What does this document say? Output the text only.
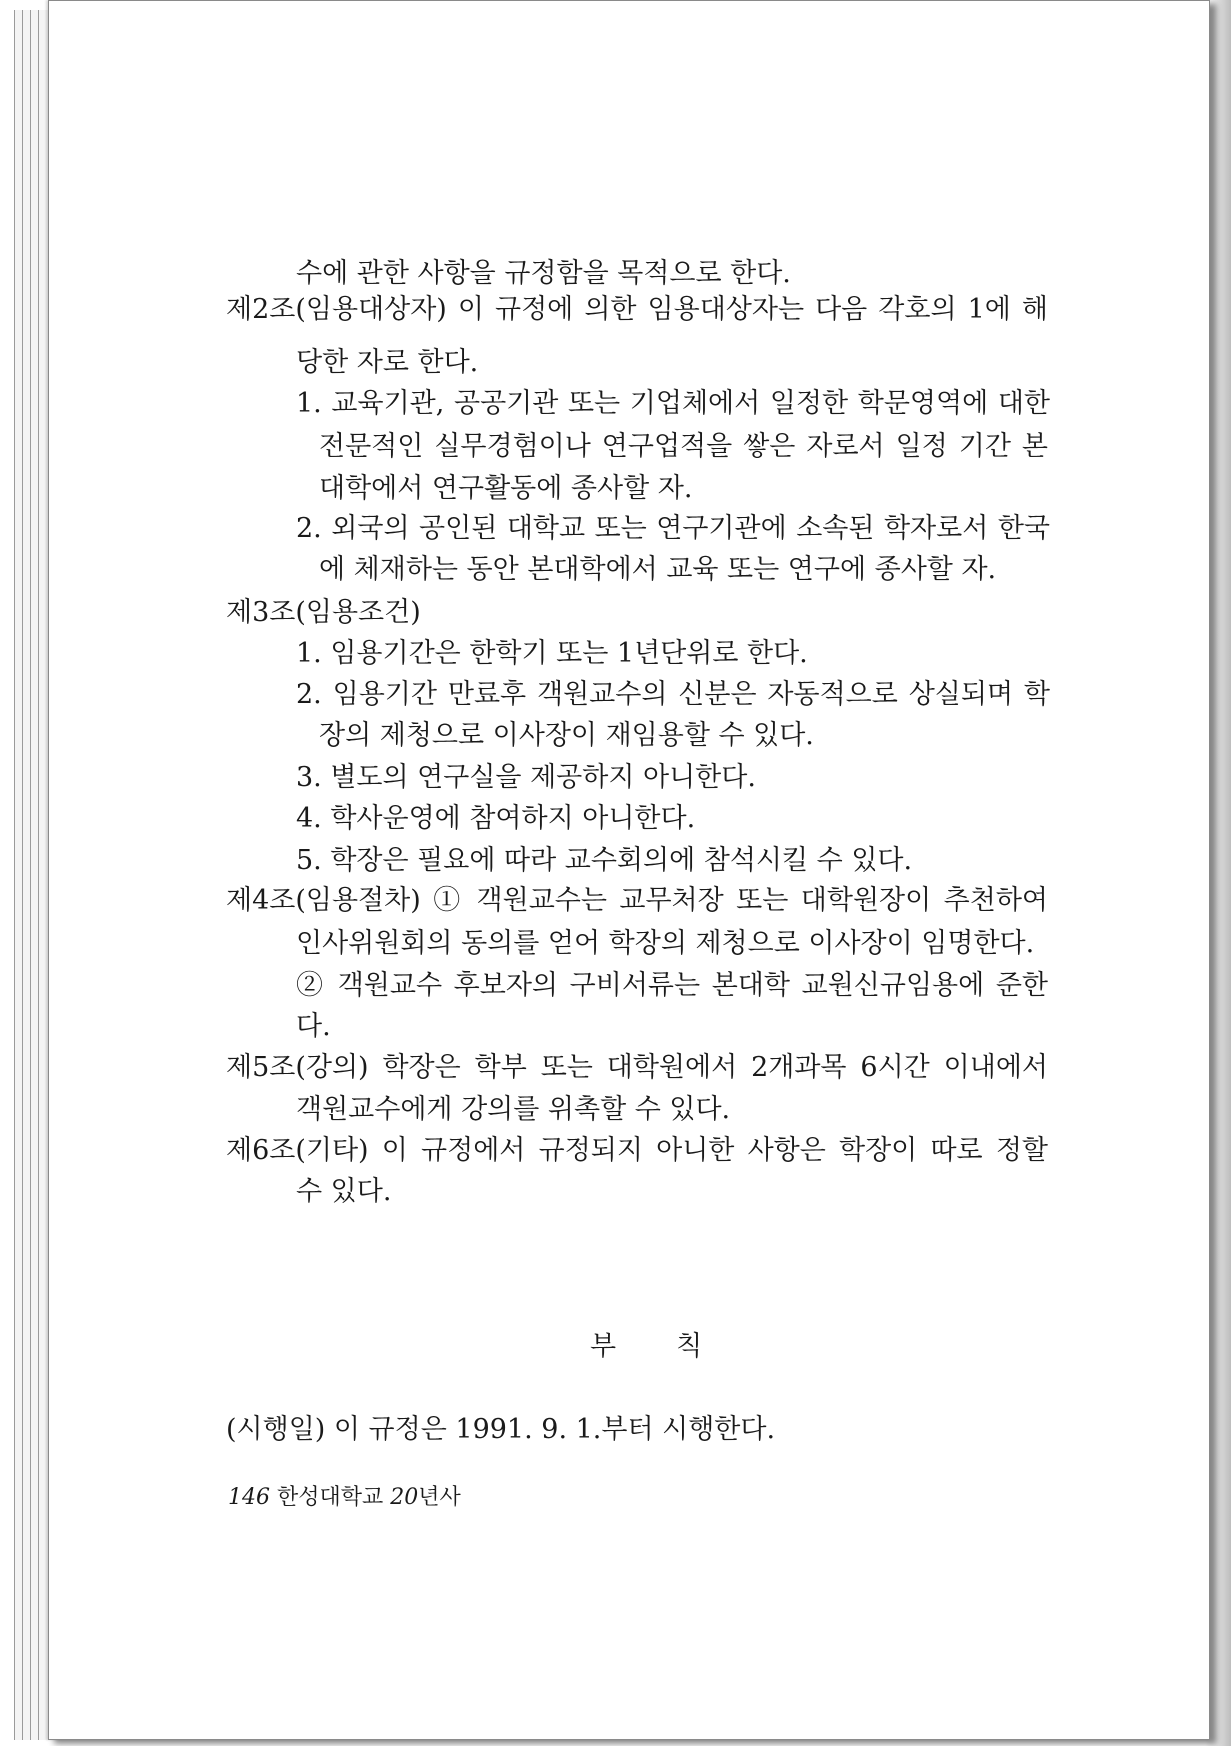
수에 관한 사항을 규정함을 목적으로 한다.
제2조(임용대상자) 이 규정에 의한 임용대상자는 다음 각호의 1에 해
당한 자로 한다.
1. 교육기관, 공공기관 또는 기업체에서 일정한 학문영역에 대한
전문적인 실무경험이나 연구업적을 쌓은 자로서 일정 기간 본
대학에서 연구활동에 종사할 자.
2. 외국의 공인된 대학교 또는 연구기관에 소속된 학자로서 한국
에 체재하는 동안 본대학에서 교육 또는 연구에 종사할 자.
제3조(임용조건)
1. 임용기간은 한학기 또는 1년단위로 한다.
2. 임용기간 만료후 객원교수의 신분은 자동적으로 상실되며 학
장의 제청으로 이사장이 재임용할 수 있다.
3. 별도의 연구실을 제공하지 아니한다.
4. 학사운영에 참여하지 아니한다.
5. 학장은 필요에 따라 교수회의에 참석시킬 수 있다.
제4조(임용절차) ① 객원교수는 교무처장 또는 대학원장이 추천하여
인사위원회의 동의를 얻어 학장의 제청으로 이사장이 임명한다.
② 객원교수 후보자의 구비서류는 본대학 교원신규임용에 준한
다.
제5조(강의) 학장은 학부 또는 대학원에서 2개과목 6시간 이내에서
객원교수에게 강의를 위촉할 수 있다.
제6조(기타) 이 규정에서 규정되지 아니한 사항은 학장이 따로 정할
수 있다.
부칙
(시행일) 이 규정은 1991. 9. 1.부터 시행한다.
146 한성대학교 20년사
